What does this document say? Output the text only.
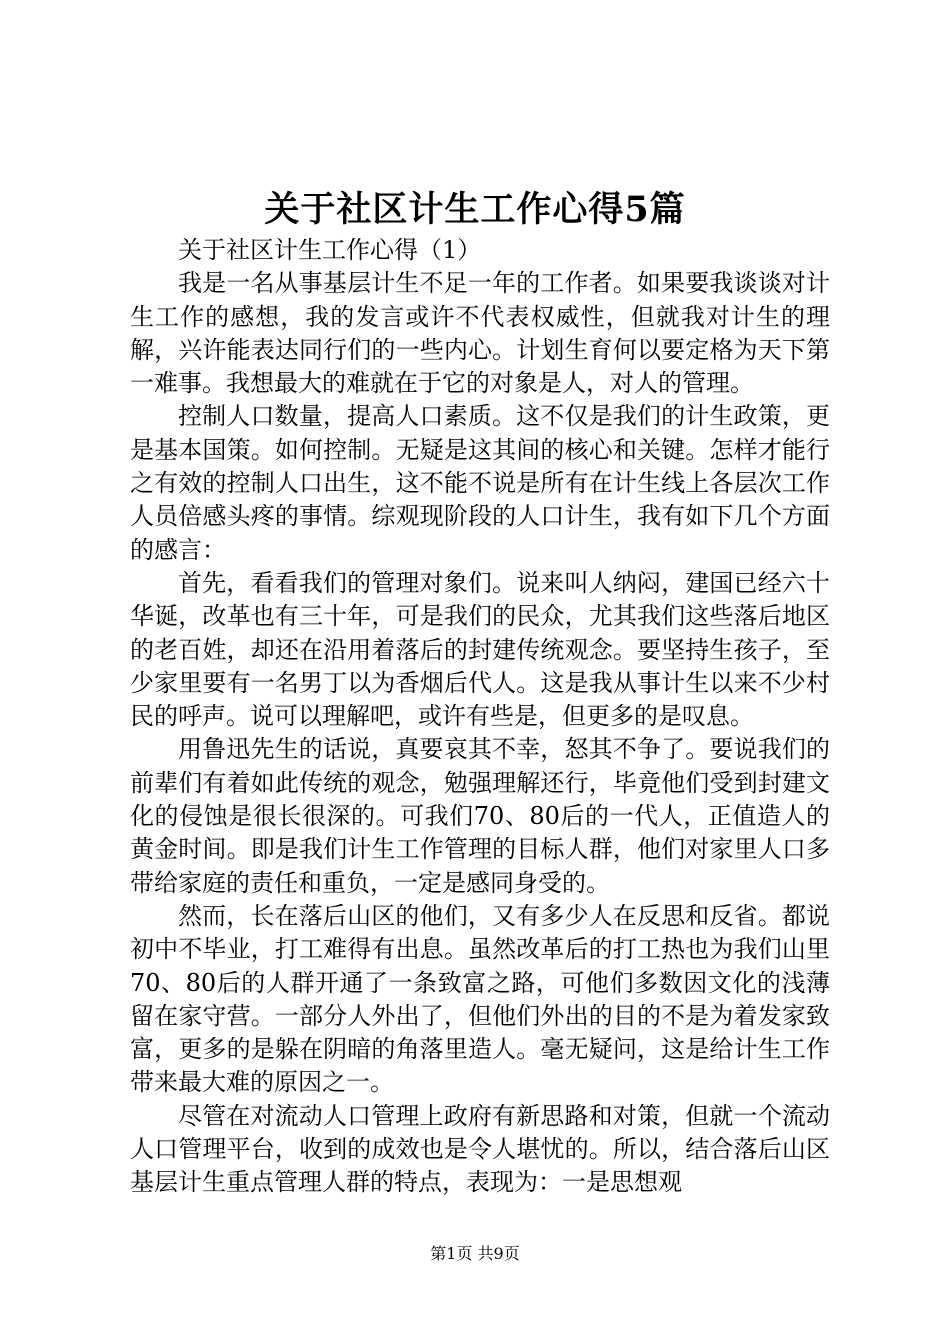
关于社区计生工作心得5篇

关于社区计生工作心得（1）

我是一名从事基层计生不足一年的工作者。如果要我谈谈对计生工作的感想，我的发言或许不代表权威性，但就我对计生的理解，兴许能表达同行们的一些内心。计划生育何以要定格为天下第一难事。我想最大的难就在于它的对象是人，对人的管理。

控制人口数量，提高人口素质。这不仅是我们的计生政策，更是基本国策。如何控制。无疑是这其间的核心和关键。怎样才能行之有效的控制人口出生，这不能不说是所有在计生线上各层次工作人员倍感头疼的事情。综观现阶段的人口计生，我有如下几个方面的感言：

首先，看看我们的管理对象们。说来叫人纳闷，建国已经六十华诞，改革也有三十年，可是我们的民众，尤其我们这些落后地区的老百姓，却还在沿用着落后的封建传统观念。要坚持生孩子，至少家里要有一名男丁以为香烟后代人。这是我从事计生以来不少村民的呼声。说可以理解吧，或许有些是，但更多的是叹息。

用鲁迅先生的话说，真要哀其不幸，怒其不争了。要说我们的前辈们有着如此传统的观念，勉强理解还行，毕竟他们受到封建文化的侵蚀是很长很深的。可我们70、80后的一代人，正值造人的黄金时间。即是我们计生工作管理的目标人群，他们对家里人口多带给家庭的责任和重负，一定是感同身受的。

然而，长在落后山区的他们，又有多少人在反思和反省。都说初中不毕业，打工难得有出息。虽然改革后的打工热也为我们山里70、80后的人群开通了一条致富之路，可他们多数因文化的浅薄留在家守营。一部分人外出了，但他们外出的目的不是为着发家致富，更多的是躲在阴暗的角落里造人。毫无疑问，这是给计生工作带来最大难的原因之一。

尽管在对流动人口管理上政府有新思路和对策，但就一个流动人口管理平台，收到的成效也是令人堪忧的。所以，结合落后山区基层计生重点管理人群的特点，表现为：一是思想观

第1页 共9页
